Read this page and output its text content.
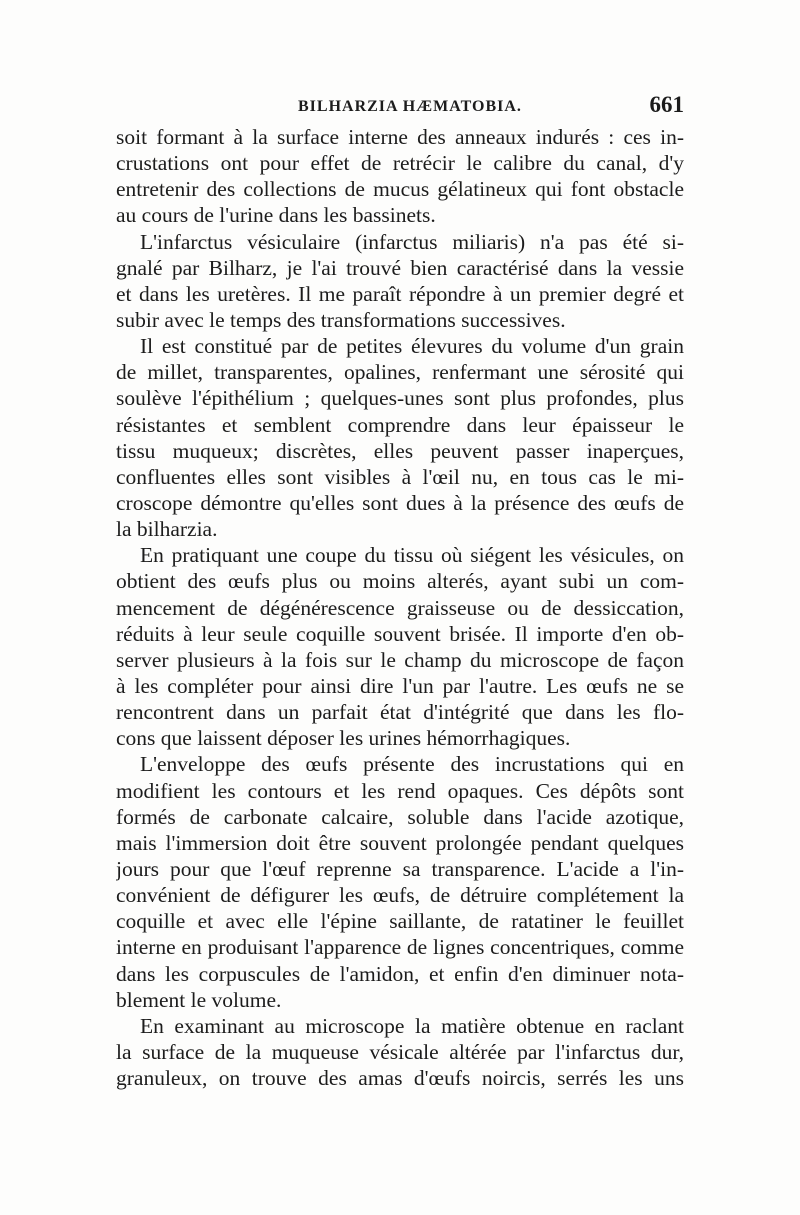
BILHARZIA HÆMATOBIA.	661
soit formant à la surface interne des anneaux indurés : ces in-
crustations ont pour effet de retrécir le calibre du canal, d'y
entretenir des collections de mucus gélatineux qui font obstacle
au cours de l'urine dans les bassinets.
L'infarctus vésiculaire (infarctus miliaris) n'a pas été si-
gnalé par Bilharz, je l'ai trouvé bien caractérisé dans la vessie
et dans les uretères. Il me paraît répondre à un premier degré et
subir avec le temps des transformations successives.
Il est constitué par de petites élevures du volume d'un grain
de millet, transparentes, opalines, renfermant une sérosité qui
soulève l'épithélium ; quelques-unes sont plus profondes, plus
résistantes et semblent comprendre dans leur épaisseur le
tissu muqueux; discrètes, elles peuvent passer inaperçues,
confluentes elles sont visibles à l'œil nu, en tous cas le mi-
croscope démontre qu'elles sont dues à la présence des œufs de
la bilharzia.
En pratiquant une coupe du tissu où siégent les vésicules, on
obtient des œufs plus ou moins alterés, ayant subi un com-
mencement de dégénérescence graisseuse ou de dessiccation,
réduits à leur seule coquille souvent brisée. Il importe d'en ob-
server plusieurs à la fois sur le champ du microscope de façon
à les compléter pour ainsi dire l'un par l'autre. Les œufs ne se
rencontrent dans un parfait état d'intégrité que dans les flo-
cons que laissent déposer les urines hémorrhagiques.
L'enveloppe des œufs présente des incrustations qui en
modifient les contours et les rend opaques. Ces dépôts sont
formés de carbonate calcaire, soluble dans l'acide azotique,
mais l'immersion doit être souvent prolongée pendant quelques
jours pour que l'œuf reprenne sa transparence. L'acide a l'in-
convénient de défigurer les œufs, de détruire complétement la
coquille et avec elle l'épine saillante, de ratatiner le feuillet
interne en produisant l'apparence de lignes concentriques, comme
dans les corpuscules de l'amidon, et enfin d'en diminuer nota-
blement le volume.
En examinant au microscope la matière obtenue en raclant
la surface de la muqueuse vésicale altérée par l'infarctus dur,
granuleux, on trouve des amas d'œufs noircis, serrés les uns
